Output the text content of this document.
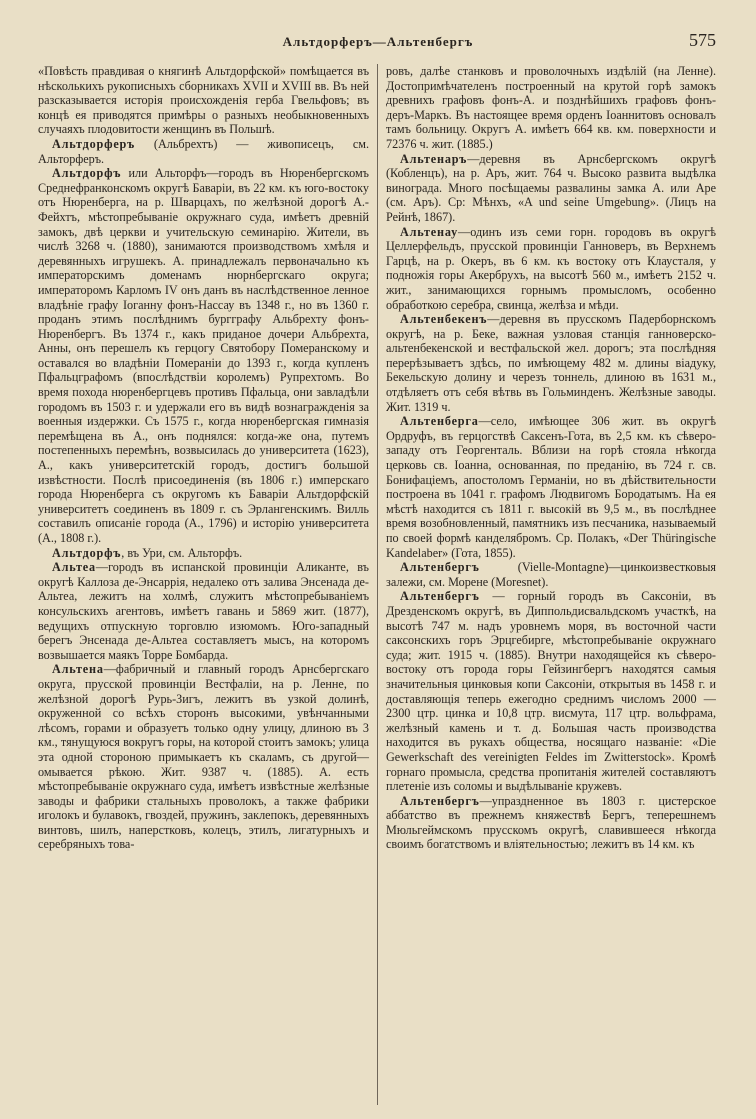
Альтдорферъ—Альтенбергъ	575

«Повѣсть правдивая о княгинѣ Альтдорфской» помѣщается въ нѣсколькихъ рукописныхъ сборникахъ XVII и XVIII вв. Въ ней разсказывается исторія происхожденія герба Гвельфовъ; въ концѣ ея приводятся примѣры о разныхъ необыкновенныхъ случаяхъ плодовитости женщинъ въ Польшѣ.

Альтдорферъ (Альбрехтъ) — живописецъ, см. Альторферъ.

Альтдорфъ или Альторфъ—городъ въ Нюренбергскомъ Среднефранконскомъ округѣ Баваріи, въ 22 км. къ юго-востоку отъ Нюренберга, на р. Шварцахъ, по желѣзной дорогѣ А.-Фейхтъ, мѣстопребываніе окружнаго суда, имѣетъ древній замокъ, двѣ церкви и учительскую семинарію. Жители, въ числѣ 3268 ч. (1880), занимаются производствомъ хмѣля и деревянныхъ игрушекъ. А. принадлежалъ первоначально къ императорскимъ доменамъ нюрнбергскаго округа; императоромъ Карломъ IV онъ данъ въ наслѣдственное ленное владѣніе графу Іоганну фонъ-Нассау въ 1348 г., но въ 1360 г. проданъ этимъ послѣднимъ бургграфу Альбрехту фонъ-Нюренбергъ. Въ 1374 г., какъ приданое дочери Альбрехта, Анны, онъ перешелъ къ герцогу Святобору Померанскому и оставался во владѣніи Помераніи до 1393 г., когда купленъ Пфальцграфомъ (впослѣдствіи королемъ) Рупрехтомъ. Во время похода нюренбергцевъ противъ Пфальца, они завладѣли городомъ въ 1503 г. и удержали его въ видѣ вознагражденія за военныя издержки. Съ 1575 г., когда нюренбергская гимназія перемѣщена въ А., онъ поднялся: когда-же она, путемъ постепенныхъ перемѣнъ, возвысилась до университета (1623), А., какъ университетскій городъ, достигъ большой извѣстности. Послѣ присоединенія (въ 1806 г.) имперскаго города Нюренберга съ округомъ къ Баваріи Альтдорфскій университетъ соединенъ въ 1809 г. съ Эрлангенскимъ. Вилль составилъ описаніе города (А., 1796) и исторію университета (А., 1808 г.).

Альтдорфъ, въ Ури, см. Альторфъ.

Альтеа—городъ въ испанской провинціи Аликанте, въ округѣ Каллоза де-Энсаррія, недалеко отъ залива Энсенада де-Альтеа, лежитъ на холмѣ, служитъ мѣстопребываніемъ консульскихъ агентовъ, имѣетъ гавань и 5869 жит. (1877), ведущихъ отпускную торговлю изюмомъ. Юго-западный берегъ Энсенада де-Альтеа составляетъ мысъ, на которомъ возвышается маякъ Торре Бомбарда.

Альтена—фабричный и главный городъ Арнсбергскаго округа, прусской провинціи Вестфаліи, на р. Ленне, по желѣзной дорогѣ Рурь-Зигъ, лежитъ въ узкой долинѣ, окруженной со всѣхъ сторонъ высокими, увѣнчанными лѣсомъ, горами и образуетъ только одну улицу, длиною въ 3 км., тянущуюся вокругъ горы, на которой стоитъ замокъ; улица эта одной стороною примыкаетъ къ скаламъ, съ другой—омывается рѣкою. Жит. 9387 ч. (1885). А. есть мѣстопребываніе окружнаго суда, имѣетъ извѣстные желѣзные заводы и фабрики стальныхъ проволокъ, а также фабрики иголокъ и булавокъ, гвоздей, пружинъ, заклепокъ, деревянныхъ винтовъ, шилъ, наперстковъ, колецъ, этилъ, лигатурныхъ и серебряныхъ това-

ровъ, далѣе станковъ и проволочныхъ издѣлій (на Ленне). Достопримѣчателенъ построенный на крутой горѣ замокъ древнихъ графовъ фонъ-А. и позднѣйшихъ графовъ фонъ-деръ-Маркъ. Въ настоящее время орденъ Іоаннитовъ основалъ тамъ больницу. Округъ А. имѣетъ 664 кв. км. поверхности и 72376 ч. жит. (1885.)

Альтенаръ—деревня въ Арнсбергскомъ округѣ (Кобленцъ), на р. Аръ, жит. 764 ч. Высоко развита выдѣлка винограда. Много посѣщаемы развалины замка А. или Аре (см. Аръ). Ср: Мѣнхъ, «A und seine Umgebung». (Лицъ на Рейнѣ, 1867).

Альтенау—одинъ изъ семи горн. городовъ въ округѣ Целлерфельдъ, прусской провинціи Ганноверъ, въ Верхнемъ Гарцѣ, на р. Океръ, въ 6 км. къ востоку отъ Клаусталя, у подножія горы Акербрухъ, на высотѣ 560 м., имѣетъ 2152 ч. жит., занимающихся горнымъ промысломъ, особенно обработкою серебра, свинца, желѣза и мѣди.

Альтенбекенъ—деревня въ прусскомъ Падерборнскомъ округѣ, на р. Беке, важная узловая станція ганноверско-альтенбекенской и вестфальской жел. дорогъ; эта послѣдняя перерѣзываетъ здѣсь, по имѣющему 482 м. длины віадуку, Бекельскую долину и черезъ тоннель, длиною въ 1631 м., отдѣляетъ отъ себя вѣтвь въ Гольминденъ. Желѣзные заводы. Жит. 1319 ч.

Альтенберга—село, имѣющее 306 жит. въ округѣ Ордруфъ, въ герцогствѣ Саксенъ-Гота, въ 2,5 км. къ сѣверо-западу отъ Георгенталь. Вблизи на горѣ стояла нѣкогда церковь св. Іоанна, основанная, по преданію, въ 724 г. св. Бонифаціемъ, апостоломъ Германіи, но въ дѣйствительности построена въ 1041 г. графомъ Людвигомъ Бородатымъ. На ея мѣстѣ находится съ 1811 г. высокій въ 9,5 м., въ послѣднее время возобновленный, памятникъ изъ песчаника, называемый по своей формѣ канделябромъ. Ср. Полакъ, «Der Thüringische Kandelaber» (Гота, 1855).

Альтенбергъ (Vielle-Montagne)—цинкоизвестковыя залежи, см. Морене (Moresnet).

Альтенбергъ — горный городъ въ Саксоніи, въ Дрезденскомъ округѣ, въ Диппольдисвальдскомъ участкѣ, на высотѣ 747 м. надъ уровнемъ моря, въ восточной части саксонскихъ горъ Эрцгебирге, мѣстопребываніе окружнаго суда; жит. 1915 ч. (1885). Внутри находящейся къ сѣверо-востоку отъ города горы Гейзингбергъ находятся самыя значительныя цинковыя копи Саксоніи, открытыя въ 1458 г. и доставляющія теперь ежегодно среднимъ числомъ 2000 — 2300 цтр. цинка и 10,8 цтр. висмута, 117 цтр. вольфрама, желѣзный камень и т. д. Большая часть производства находится въ рукахъ общества, носящаго названіе: «Die Gewerkschaft des vereinigten Feldes im Zwitterstock». Кромѣ горнаго промысла, средства пропитанія жителей составляютъ плетеніе изъ соломы и выдѣлываніе кружевъ.

Альтенбергъ—упраздненное въ 1803 г. цистерское аббатство въ прежнемъ княжествѣ Бергъ, теперешнемъ Мюльгеймскомъ прусскомъ округѣ, славившееся нѣкогда своимъ богатствомъ и вліятельностью; лежитъ въ 14 км. къ
